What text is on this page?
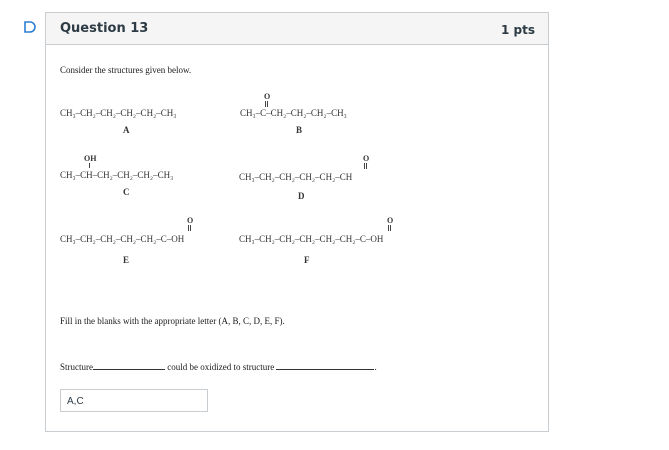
Question 13	1 pts
Consider the structures given below.
CH₃–CH₂–CH₂–CH₂–CH₂–CH₃
A
O
CH₃–C–CH₂–CH₂–CH₂–CH₃
B
OH
CH₃–CH–CH₂–CH₂–CH₂–CH₃
C
O
CH₃–CH₂–CH₂–CH₂–CH₂–CH
D
O
CH₃–CH₂–CH₂–CH₂–CH₂–C–OH
E
O
CH₃–CH₂–CH₂–CH₂–CH₂–CH₂–C–OH
F
Fill in the blanks with the appropriate letter (A, B, C, D, E, F).
Structure	could be oxidized to structure	.
A,C
